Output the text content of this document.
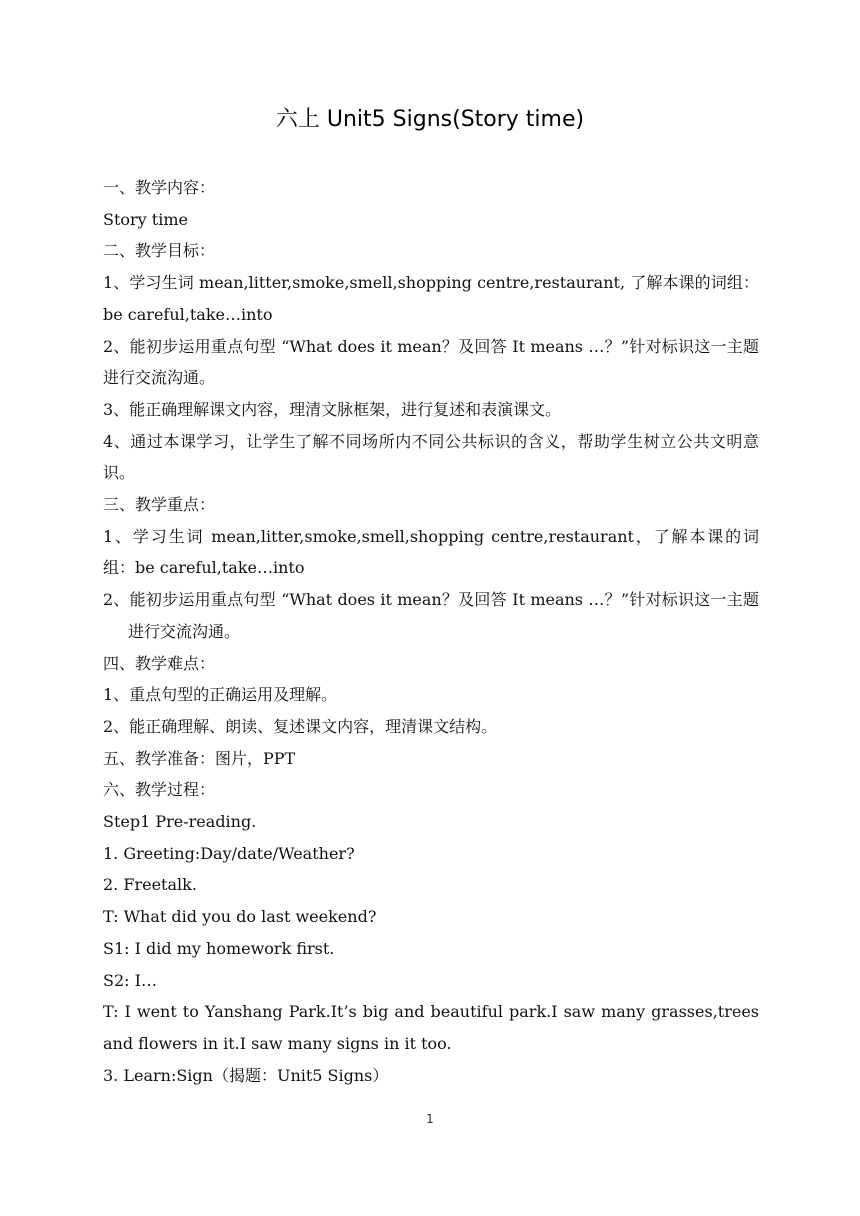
六上 Unit5 Signs(Story time)

一、教学内容：

Story time

二、教学目标：

1、学习生词 mean,litter,smoke,smell,shopping centre,restaurant, 了解本课的词组：be careful,take…into

2、能初步运用重点句型 “What does it mean？及回答 It means …？”针对标识这一主题进行交流沟通。

3、能正确理解课文内容，理清文脉框架，进行复述和表演课文。

4、通过本课学习，让学生了解不同场所内不同公共标识的含义，帮助学生树立公共文明意识。

三、教学重点：

1、学习生词 mean,litter,smoke,smell,shopping centre,restaurant，了解本课的词组：be careful,take…into

2、能初步运用重点句型 “What does it mean？及回答 It means …？”针对标识这一主题进行交流沟通。

四、教学难点：

1、重点句型的正确运用及理解。

2、能正确理解、朗读、复述课文内容，理清课文结构。

五、教学准备：图片，PPT

六、教学过程：

Step1 Pre-reading.

1. Greeting:Day/date/Weather?

2. Freetalk.

T: What did you do last weekend?

S1: I did my homework first.

S2: I…

T: I went to Yanshang Park.It’s big and beautiful park.I saw many grasses,trees and flowers in it.I saw many signs in it too.

3. Learn:Sign（揭题：Unit5 Signs）

1
